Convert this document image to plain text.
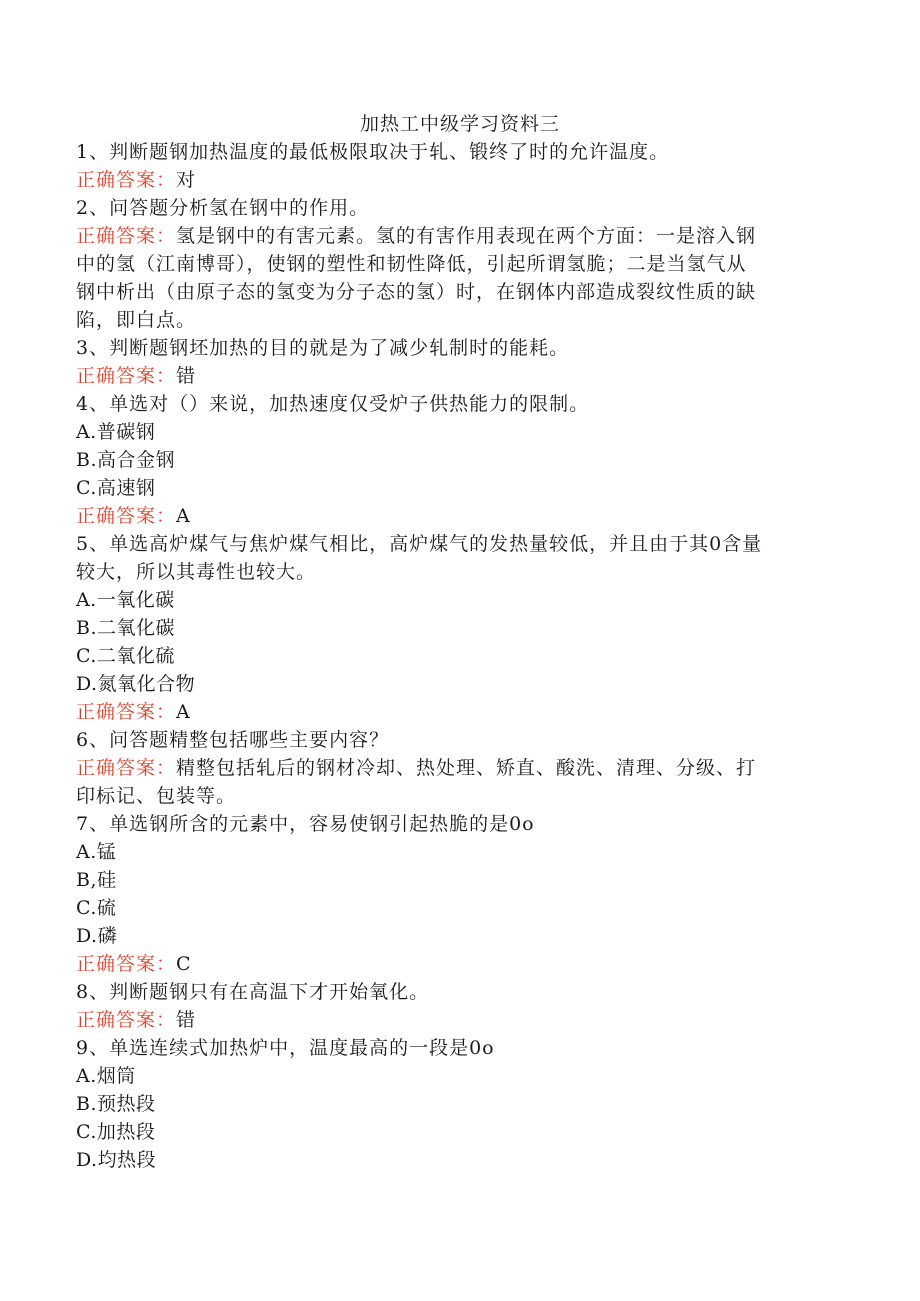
加热工中级学习资料三
1、判断题钢加热温度的最低极限取决于轧、锻终了时的允许温度。
正确答案：对
2、问答题分析氢在钢中的作用。
正确答案：氢是钢中的有害元素。氢的有害作用表现在两个方面：一是溶入钢
中的氢（江南博哥），使钢的塑性和韧性降低，引起所谓氢脆；二是当氢气从
钢中析出（由原子态的氢变为分子态的氢）时，在钢体内部造成裂纹性质的缺
陷，即白点。
3、判断题钢坯加热的目的就是为了减少轧制时的能耗。
正确答案：错
4、单选对（）来说，加热速度仅受炉子供热能力的限制。
A.普碳钢
B.高合金钢
C.高速钢
正确答案：A
5、单选高炉煤气与焦炉煤气相比，高炉煤气的发热量较低，并且由于其0含量
较大，所以其毒性也较大。
A.一氧化碳
B.二氧化碳
C.二氧化硫
D.氮氧化合物
正确答案：A
6、问答题精整包括哪些主要内容？
正确答案：精整包括轧后的钢材冷却、热处理、矫直、酸洗、清理、分级、打
印标记、包装等。
7、单选钢所含的元素中，容易使钢引起热脆的是0o
A.锰
B,硅
C.硫
D.磷
正确答案：C
8、判断题钢只有在高温下才开始氧化。
正确答案：错
9、单选连续式加热炉中，温度最高的一段是0o
A.烟筒
B.预热段
C.加热段
D.均热段
